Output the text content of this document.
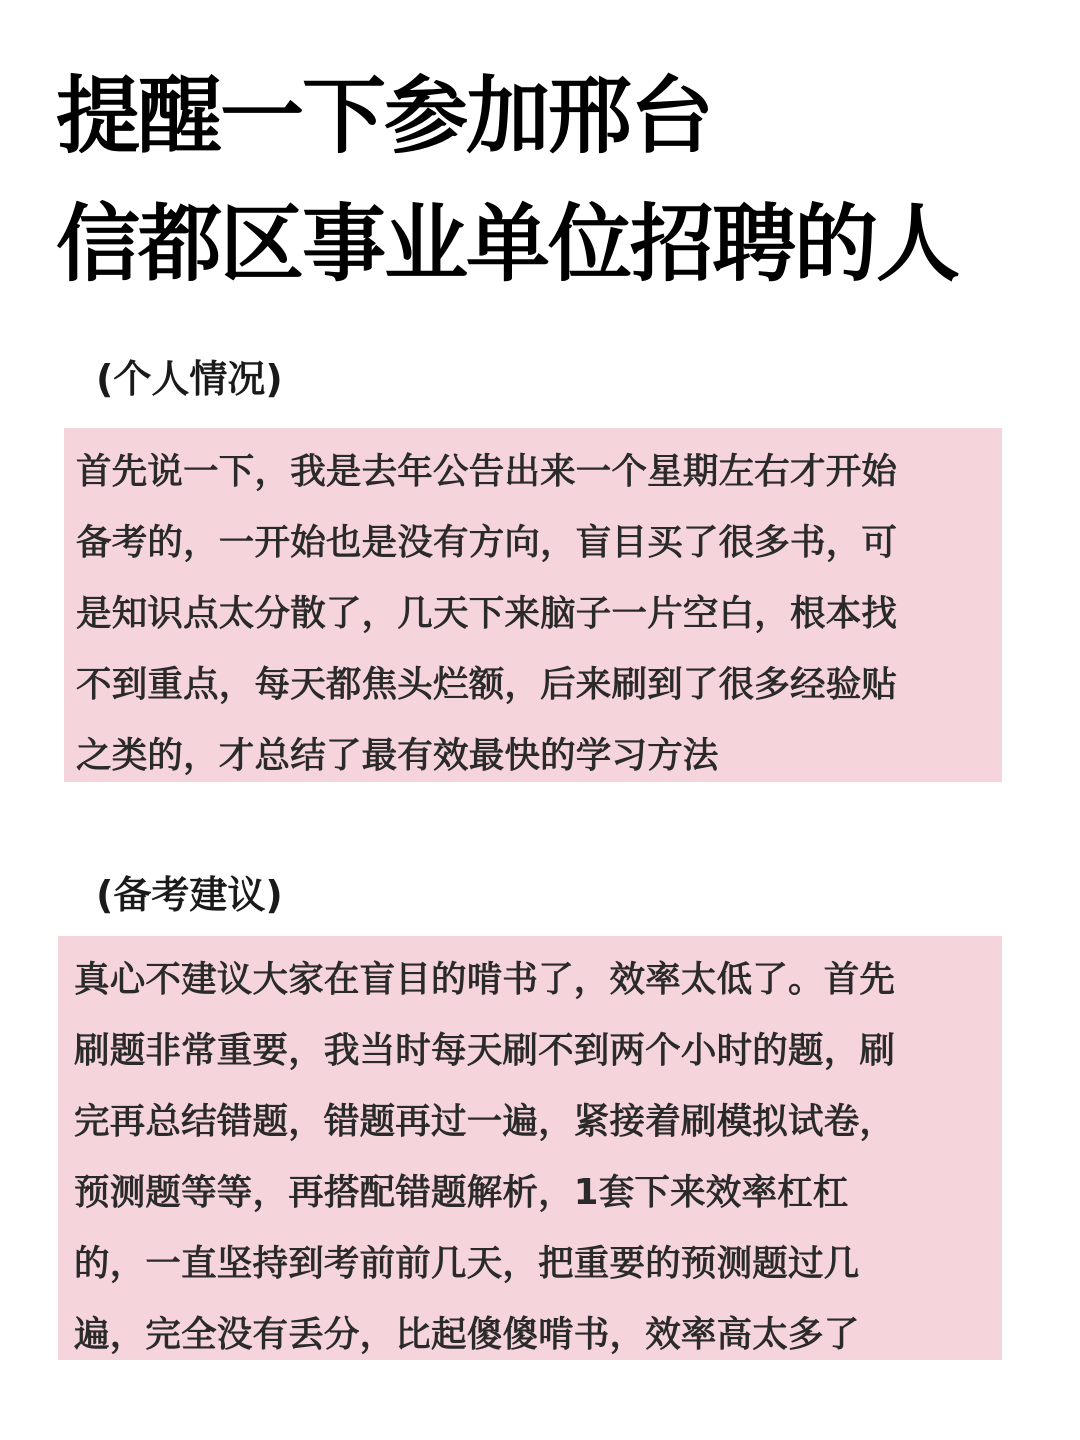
提醒一下参加邢台
信都区事业单位招聘的人
(个人情况)

首先说一下，我是去年公告出来一个星期左右才开始
备考的，一开始也是没有方向，盲目买了很多书，可
是知识点太分散了，几天下来脑子一片空白，根本找
不到重点，每天都焦头烂额，后来刷到了很多经验贴
之类的，才总结了最有效最快的学习方法

(备考建议)

真心不建议大家在盲目的啃书了，效率太低了。首先
刷题非常重要，我当时每天刷不到两个小时的题，刷
完再总结错题，错题再过一遍，紧接着刷模拟试卷，
预测题等等，再搭配错题解析，1套下来效率杠杠
的，一直坚持到考前前几天，把重要的预测题过几
遍，完全没有丢分，比起傻傻啃书，效率高太多了
